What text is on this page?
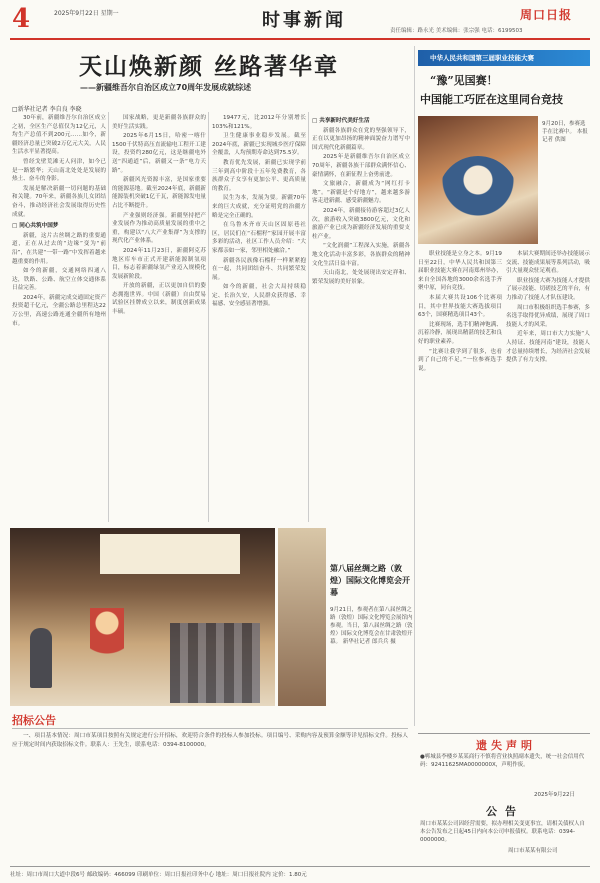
4	2025年9月22日 星期一	时事新闻	周口日报
责任编辑：路永光 美术编辑：张宗强 电话：6199503
天山焕新颜 丝路著华章
——新疆维吾尔自治区成立70周年发展成就综述
□新华社记者 李自良 李晓

30年前，新疆维吾尔自治区成立之初，全区生产总值仅为12亿元，人均生产总值不到200元……如今，新疆经济总量已突破2万亿元大关，人民生活水平显著提高。

曾经戈壁荒滩无人问津，如今已是一路繁华；天山南北处处是发展的热土、奋斗的身影。

发展是解决新疆一切问题的基础和关键。70年来，新疆各族儿女团结奋斗，推动经济社会发展取得历史性成就。

□ 同心共筑中国梦

新疆，这片古丝绸之路的重要通道，正在从过去的“边缘”变为“前沿”，在共建“一带一路”中发挥着越来越重要的作用。

如今的新疆，交通网络四通八达，铁路、公路、航空立体交通体系日益完善。

2024年，新疆完成交通固定资产投资超千亿元，全疆公路总里程达22万公里，高速公路连通全疆所有地州市。

国家战略，更是新疆各族群众的美好生活实践。

2025年6月15日，哈密一喀什1500千伏特高压直流输电工程开工建设，投资约280亿元，这是继疆电外送“四通道”后，新疆又一条“电力天路”。

新疆风光资源丰富，是国家重要的能源基地。截至2024年底，新疆新能源装机突破1亿千瓦，新能源发电量占比不断提升。

产业强则经济强。新疆坚持把产业发展作为推动高质量发展的重中之重，构建以“八大产业集群”为支撑的现代化产业体系。

2024年11月23日，新疆阿克苏地区库车市正式开建新能源制氢项目，标志着新疆绿氢产业迈入规模化发展新阶段。

开放的新疆，正以更加自信的姿态拥抱世界。中国（新疆）自由贸易试验区挂牌成立以来，制度创新成果丰硕。

19477元，比2012年分别增长103%和121%。

卫生健康事业稳步发展。截至2024年底，新疆已实现城乡医疗保障全覆盖，人均预期寿命达到75.5岁。

教育优先发展，新疆已实现学前三年到高中阶段十五年免费教育，各族群众子女享有更加公平、更高质量的教育。

民生为本，发展为要。新疆70年来的巨大成就，充分证明党的治疆方略是完全正确的。

在乌鲁木齐市天山区固原巷社区，居民们在“石榴籽”家园开展丰富多彩的活动，社区工作人员介绍：“大家都亲如一家，邻里相处融洽。”

新疆各民族像石榴籽一样紧紧抱在一起，共同团结奋斗、共同繁荣发展。

如今的新疆，社会大局持续稳定、长治久安，人民群众获得感、幸福感、安全感显著增强。

□ 共享新时代美好生活

新疆各族群众在党的坚强领导下，正在以更加昂扬的精神面貌奋力谱写中国式现代化新疆篇章。

2025年是新疆维吾尔自治区成立70周年，新疆各族干部群众满怀信心、豪情满怀，在新征程上奋勇前进。

文旅融合，新疆成为“网红打卡地”。“新疆是个好地方”，越来越多游客走进新疆、感受新疆魅力。

2024年，新疆接待游客超过3亿人次，旅游收入突破3800亿元，文化和旅游产业已成为新疆经济发展的重要支柱产业。

“文化润疆”工程深入实施，新疆各地文化活动丰富多彩，各族群众的精神文化生活日益丰富。

天山南北，处处展现出安定祥和、繁荣发展的美好景象。

中华人民共和国第三届职业技能大赛
“豫”见国赛！
中国能工巧匠在这里同台竞技
9月20日，参赛选手在比赛中。 本报记者 供图

职业技能是立身之本。9月19日至22日，中华人民共和国第三届职业技能大赛在河南郑州举办，来自全国各地的3000余名选手齐聚中原，同台竞技。

本届大赛共设106个比赛项目，其中世界技能大赛选拔项目63个，国赛精选项目43个。

比赛现场，选手们精神饱满、沉着冷静，展现出精湛的技艺和良好的职业素养。

“比赛让我学到了很多，也看到了自己的不足。”一位参赛选手说。

本届大赛期间还举办技能展示交流、技能成果展等系列活动，吸引大量观众驻足观看。

职业技能大赛为技能人才提供了展示技能、切磋技艺的平台，有力推动了技能人才队伍建设。

周口市积极组织选手参赛，多名选手取得优异成绩，展现了周口技能人才的风采。

近年来，周口市大力实施“人人持证、技能河南”建设，技能人才总量持续增长，为经济社会发展提供了有力支撑。

第八届丝绸之路（敦煌）国际文化博览会开幕
9月21日，参观者在第八届丝绸之路（敦煌）国际文化博览会展馆内参观。当日，第八届丝绸之路（敦煌）国际文化博览会在甘肃敦煌开幕。 新华社记者 郎兵兵 摄
招标公告

一、项目基本情况：周口市某项目按照有关规定进行公开招标，欢迎符合条件的投标人参加投标。项目编号、采购内容及预算金额等详见招标文件。投标人应于规定时间内获取招标文件。联系人：王先生，联系电话：0394-8100000。	遗失声明
●郸城县李楼乡某某商行不慎将营业执照副本遗失，统一社会信用代码：92411625MA0000000X，声明作废。
2025年9月22日
公告
周口市某某公司因经营需要，拟办理相关变更事宜，请相关债权人自本公告发布之日起45日内向本公司申报债权。联系电话：0394-0000000。
周口市某某有限公司
社址：周口市周口大道中段6号 邮政编码：466099 印刷单位：周口日报社印务中心 地址：周口日报社院内 定价：1.80元
